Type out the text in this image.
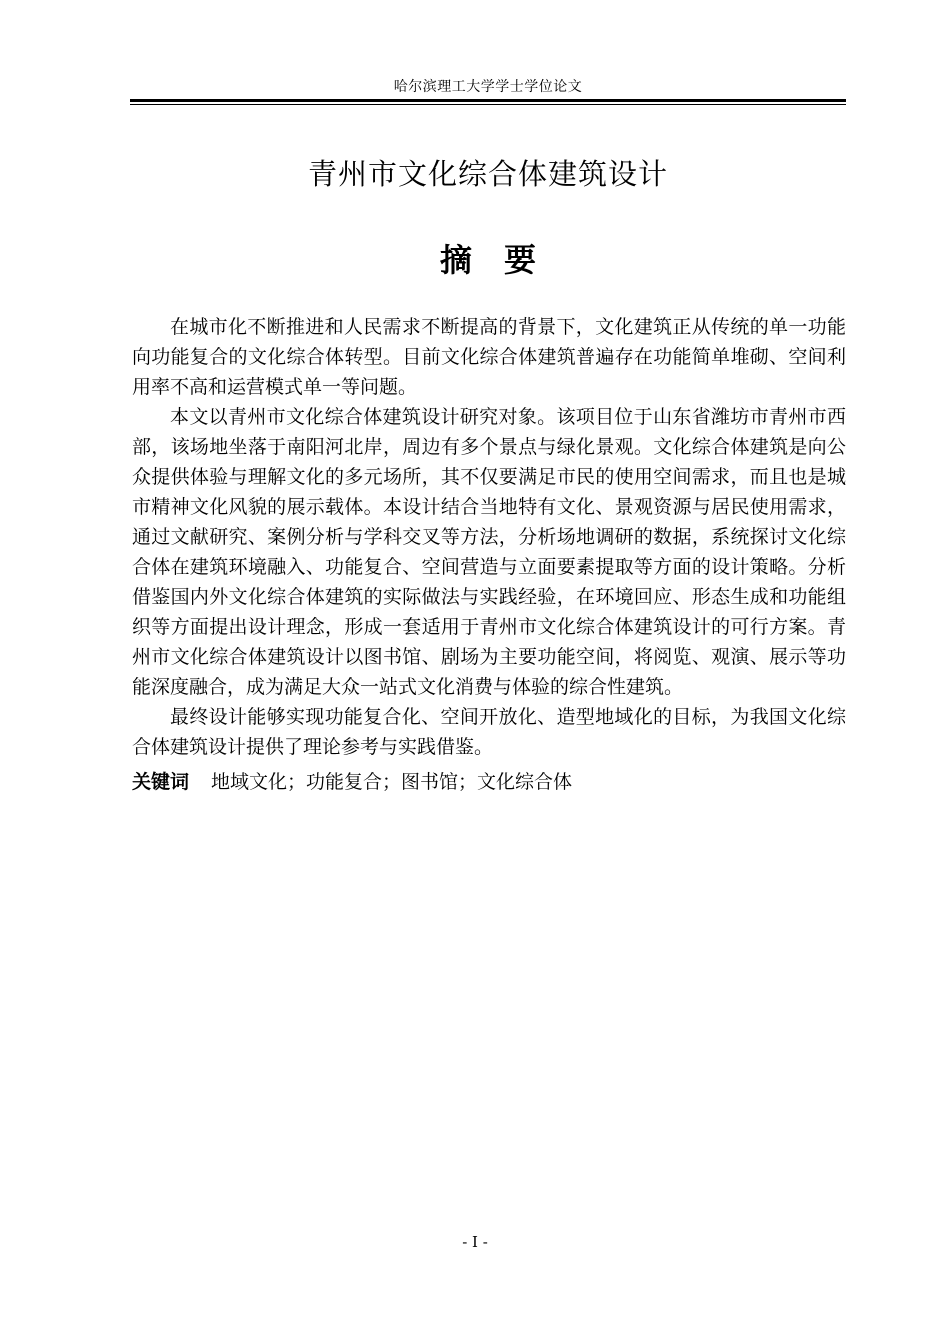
哈尔滨理工大学学士学位论文
青州市文化综合体建筑设计
摘　要

在城市化不断推进和人民需求不断提高的背景下，文化建筑正从传统的单一功能向功能复合的文化综合体转型。目前文化综合体建筑普遍存在功能简单堆砌、空间利用率不高和运营模式单一等问题。

本文以青州市文化综合体建筑设计研究对象。该项目位于山东省潍坊市青州市西部，该场地坐落于南阳河北岸，周边有多个景点与绿化景观。文化综合体建筑是向公众提供体验与理解文化的多元场所，其不仅要满足市民的使用空间需求，而且也是城市精神文化风貌的展示载体。本设计结合当地特有文化、景观资源与居民使用需求，通过文献研究、案例分析与学科交叉等方法，分析场地调研的数据，系统探讨文化综合体在建筑环境融入、功能复合、空间营造与立面要素提取等方面的设计策略。分析借鉴国内外文化综合体建筑的实际做法与实践经验，在环境回应、形态生成和功能组织等方面提出设计理念，形成一套适用于青州市文化综合体建筑设计的可行方案。青州市文化综合体建筑设计以图书馆、剧场为主要功能空间，将阅览、观演、展示等功能深度融合，成为满足大众一站式文化消费与体验的综合性建筑。

最终设计能够实现功能复合化、空间开放化、造型地域化的目标，为我国文化综合体建筑设计提供了理论参考与实践借鉴。

关键词 地域文化；功能复合；图书馆；文化综合体
- I -
